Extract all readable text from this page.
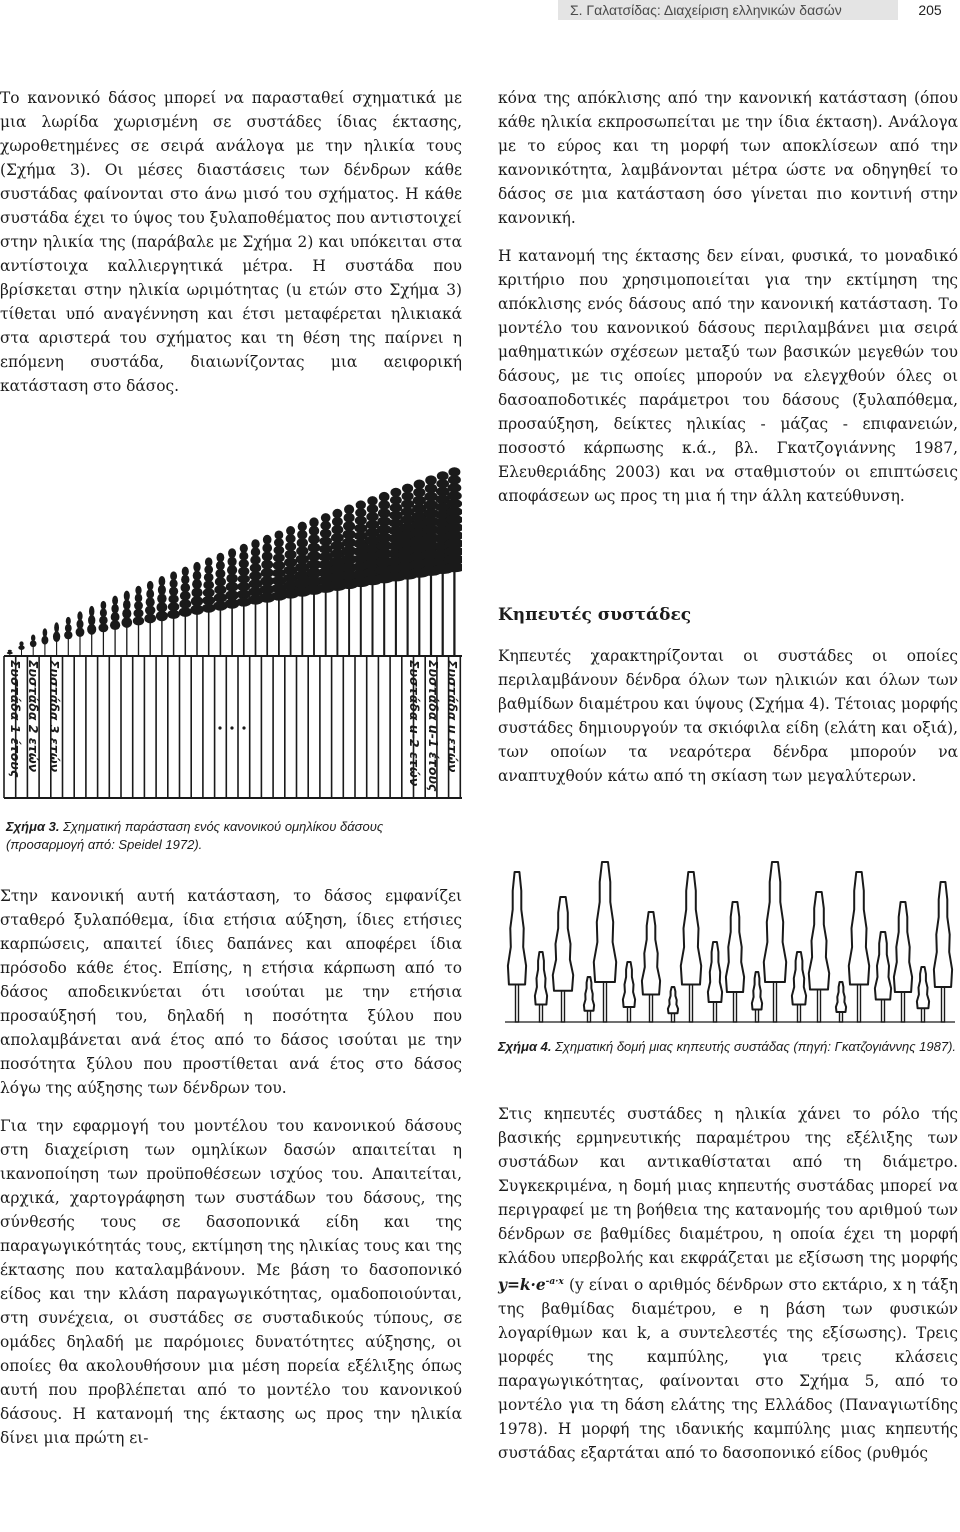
Σ. Γαλατσίδας: Διαχείριση ελληνικών δασών	205

Το κανονικό δάσος μπορεί να παρασταθεί σχηματικά με μια λωρίδα χωρισμένη σε συστάδες ίδιας έκτασης, χωροθετημένες σε σειρά ανάλογα με την ηλικία τους (Σχήμα 3). Οι μέσες διαστάσεις των δένδρων κάθε συστάδας φαίνονται στο άνω μισό του σχήματος. Η κάθε συστάδα έχει το ύψος του ξυλαποθέματος που αντιστοιχεί στην ηλικία της (παράβαλε με Σχήμα 2) και υπόκειται στα αντίστοιχα καλλιεργητικά μέτρα. Η συστάδα που βρίσκεται στην ηλικία ωριμότητας (u ετών στο Σχήμα 3) τίθεται υπό αναγέννηση και έτσι μεταφέρεται ηλικιακά στα αριστερά του σχήματος και τη θέση της παίρνει η επόμενη συστάδα, διαιωνίζοντας μια αειφορική κατάσταση στο δάσος.

Συστάδα 1 έτους Συστάδα 2 ετών Συστάδα 3 ετών	Συστάδα u-2 ετών Συστάδα u-1 έτους Συστάδα u ετών

Σχήμα 3. Σχηματική παράσταση ενός κανονικού ομηλίκου δάσους (προσαρμογή από: Speidel 1972).

Στην κανονική αυτή κατάσταση, το δάσος εμφανίζει σταθερό ξυλαπόθεμα, ίδια ετήσια αύξηση, ίδιες ετήσιες καρπώσεις, απαιτεί ίδιες δαπάνες και αποφέρει ίδια πρόσοδο κάθε έτος. Επίσης, η ετήσια κάρπωση από το δάσος αποδεικνύεται ότι ισούται με την ετήσια προσαύξησή του, δηλαδή η ποσότητα ξύλου που απολαμβάνεται ανά έτος από το δάσος ισούται με την ποσότητα ξύλου που προστίθεται ανά έτος στο δάσος λόγω της αύξησης των δένδρων του.

Για την εφαρμογή του μοντέλου του κανονικού δάσους στη διαχείριση των ομηλίκων δασών απαιτείται η ικανοποίηση των προϋποθέσεων ισχύος του. Απαιτείται, αρχικά, χαρτογράφηση των συστάδων του δάσους, της σύνθεσής τους σε δασοπονικά είδη και της παραγωγικότητάς τους, εκτίμηση της ηλικίας τους και της έκτασης που καταλαμβάνουν. Με βάση το δασοπονικό είδος και την κλάση παραγωγικότητας, ομαδοποιούνται, στη συνέχεια, οι συστάδες σε συσταδικούς τύπους, σε ομάδες δηλαδή με παρόμοιες δυνατότητες αύξησης, οι οποίες θα ακολουθήσουν μια μέση πορεία εξέλιξης όπως αυτή που προβλέπεται από το μοντέλο του κανονικού δάσους. Η κατανομή της έκτασης ως προς την ηλικία δίνει μια πρώτη ει-

κόνα της απόκλισης από την κανονική κατάσταση (όπου κάθε ηλικία εκπροσωπείται με την ίδια έκταση). Ανάλογα με το εύρος και τη μορφή των αποκλίσεων από την κανονικότητα, λαμβάνονται μέτρα ώστε να οδηγηθεί το δάσος σε μια κατάσταση όσο γίνεται πιο κοντινή στην κανονική.

Η κατανομή της έκτασης δεν είναι, φυσικά, το μοναδικό κριτήριο που χρησιμοποιείται για την εκτίμηση της απόκλισης ενός δάσους από την κανονική κατάσταση. Το μοντέλο του κανονικού δάσους περιλαμβάνει μια σειρά μαθηματικών σχέσεων μεταξύ των βασικών μεγεθών του δάσους, με τις οποίες μπορούν να ελεγχθούν όλες οι δασοαποδοτικές παράμετροι του δάσους (ξυλαπόθεμα, προσαύξηση, δείκτες ηλικίας - μάζας - επιφανειών, ποσοστό κάρπωσης κ.ά., βλ. Γκατζογιάννης 1987, Ελευθεριάδης 2003) και να σταθμιστούν οι επιπτώσεις αποφάσεων ως προς τη μια ή την άλλη κατεύθυνση.

Κηπευτές συστάδες

Κηπευτές χαρακτηρίζονται οι συστάδες οι οποίες περιλαμβάνουν δένδρα όλων των ηλικιών και όλων των βαθμίδων διαμέτρου και ύψους (Σχήμα 4). Τέτοιας μορφής συστάδες δημιουργούν τα σκιόφιλα είδη (ελάτη και οξιά), των οποίων τα νεαρότερα δένδρα μπορούν να αναπτυχθούν κάτω από τη σκίαση των μεγαλύτερων.

Σχήμα 4. Σχηματική δομή μιας κηπευτής συστάδας (πηγή: Γκατζογιάννης 1987).

Στις κηπευτές συστάδες η ηλικία χάνει το ρόλο τής βασικής ερμηνευτικής παραμέτρου της εξέλιξης των συστάδων και αντικαθίσταται από τη διάμετρο. Συγκεκριμένα, η δομή μιας κηπευτής συστάδας μπορεί να περιγραφεί με τη βοήθεια της κατανομής του αριθμού των δένδρων σε βαθμίδες διαμέτρου, η οποία έχει τη μορφή κλάδου υπερβολής και εκφράζεται με εξίσωση της μορφής $y=k\cdot e^{-a\cdot x}$ (y είναι ο αριθμός δένδρων στο εκτάριο, x η τάξη της βαθμίδας διαμέτρου, e η βάση των φυσικών λογαρίθμων και k, a συντελεστές της εξίσωσης). Τρεις μορφές της καμπύλης, για τρεις κλάσεις παραγωγικότητας, φαίνονται στο Σχήμα 5, από το μοντέλο για τη δάση ελάτης της Ελλάδος (Παναγιωτίδης 1978). Η μορφή της ιδανικής καμπύλης μιας κηπευτής συστάδας εξαρτάται από το δασοπονικό είδος (ρυθμός
